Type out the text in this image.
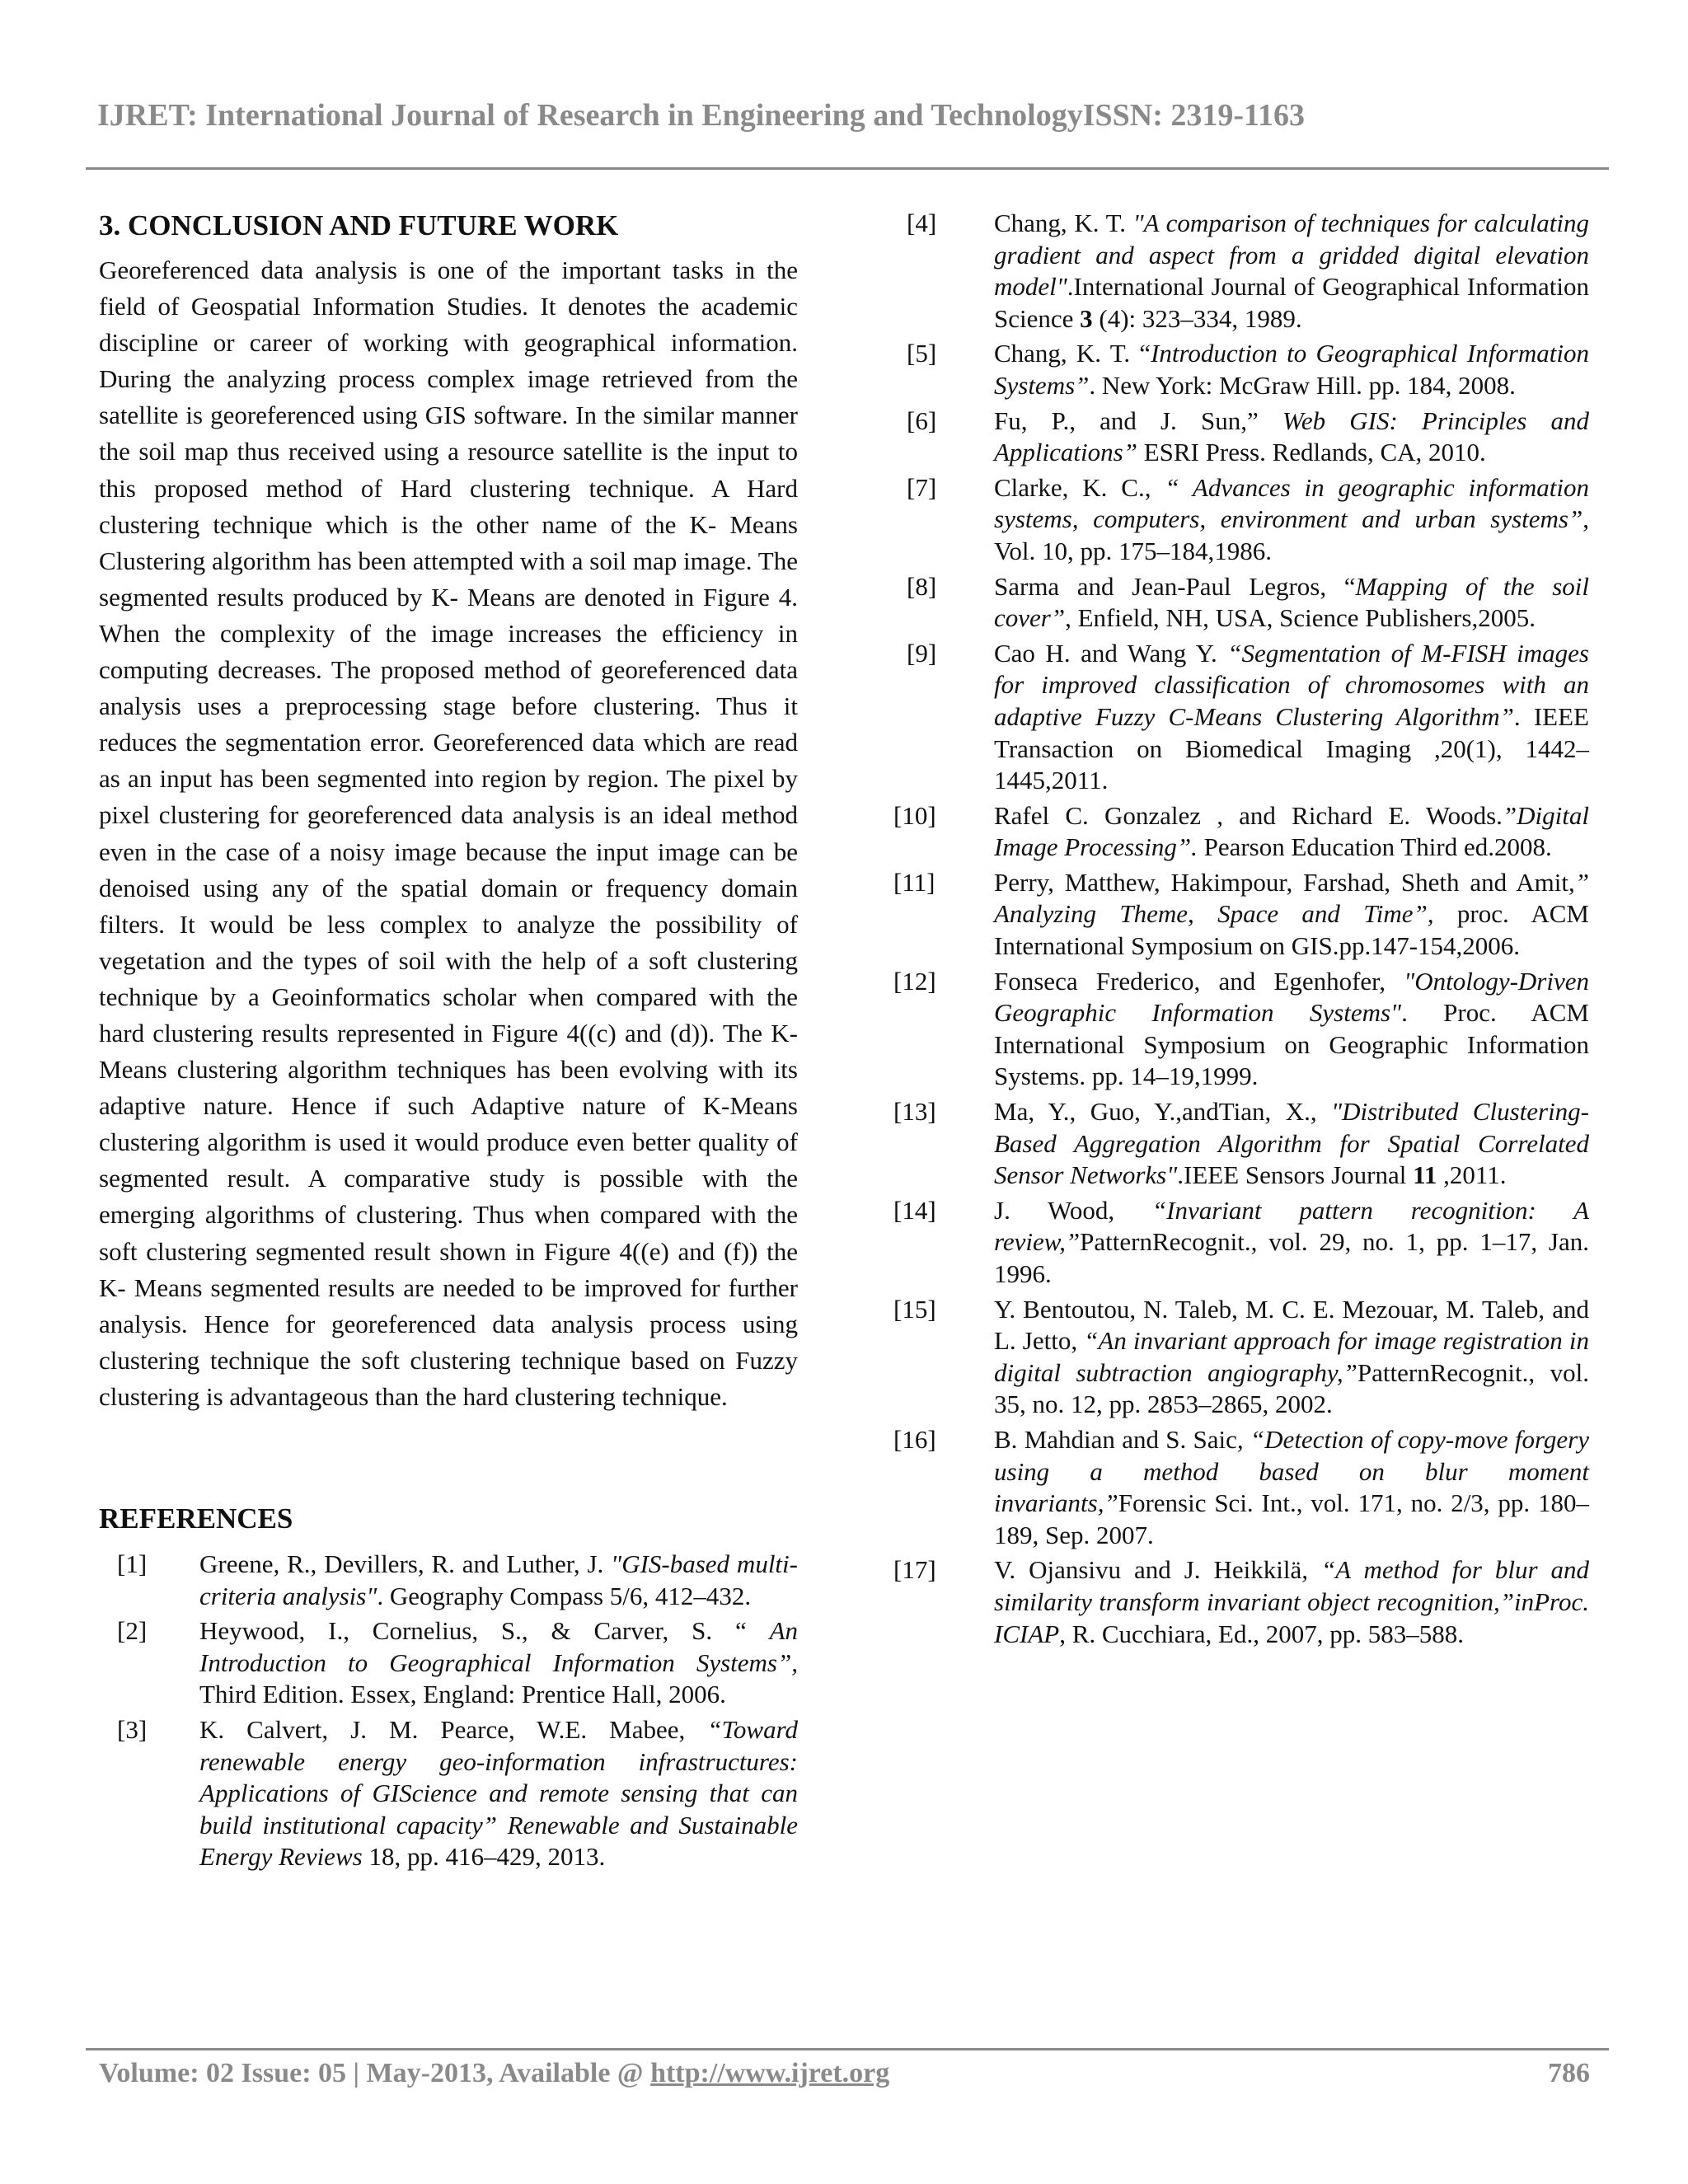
IJRET: International Journal of Research in Engineering and TechnologyISSN: 2319-1163
3. CONCLUSION AND FUTURE WORK

Georeferenced data analysis is one of the important tasks in the field of Geospatial Information Studies. It denotes the academic discipline or career of working with geographical information. During the analyzing process complex image retrieved from the satellite is georeferenced using GIS software. In the similar manner the soil map thus received using a resource satellite is the input to this proposed method of Hard clustering technique. A Hard clustering technique which is the other name of the K- Means Clustering algorithm has been attempted with a soil map image. The segmented results produced by K- Means are denoted in Figure 4. When the complexity of the image increases the efficiency in computing decreases. The proposed method of georeferenced data analysis uses a preprocessing stage before clustering. Thus it reduces the segmentation error. Georeferenced data which are read as an input has been segmented into region by region. The pixel by pixel clustering for georeferenced data analysis is an ideal method even in the case of a noisy image because the input image can be denoised using any of the spatial domain or frequency domain filters. It would be less complex to analyze the possibility of vegetation and the types of soil with the help of a soft clustering technique by a Geoinformatics scholar when compared with the hard clustering results represented in Figure 4((c) and (d)). The K-Means clustering algorithm techniques has been evolving with its adaptive nature. Hence if such Adaptive nature of K-Means clustering algorithm is used it would produce even better quality of segmented result. A comparative study is possible with the emerging algorithms of clustering. Thus when compared with the soft clustering segmented result shown in Figure 4((e) and (f)) the K- Means segmented results are needed to be improved for further analysis. Hence for georeferenced data analysis process using clustering technique the soft clustering technique based on Fuzzy clustering is advantageous than the hard clustering technique.

REFERENCES
[1] Greene, R., Devillers, R. and Luther, J. "GIS-based multi-criteria analysis". Geography Compass 5/6, 412–432.
[2] Heywood, I., Cornelius, S., & Carver, S. “ An Introduction to Geographical Information Systems”, Third Edition. Essex, England: Prentice Hall, 2006.
[3] K. Calvert, J. M. Pearce, W.E. Mabee, “Toward renewable energy geo-information infrastructures: Applications of GIScience and remote sensing that can build institutional capacity” Renewable and Sustainable Energy Reviews 18, pp. 416–429, 2013.
[4] Chang, K. T. "A comparison of techniques for calculating gradient and aspect from a gridded digital elevation model".International Journal of Geographical Information Science 3 (4): 323–334, 1989.
[5] Chang, K. T. “Introduction to Geographical Information Systems”. New York: McGraw Hill. pp. 184, 2008.
[6] Fu, P., and J. Sun,” Web GIS: Principles and Applications” ESRI Press. Redlands, CA, 2010.
[7] Clarke, K. C., “ Advances in geographic information systems, computers, environment and urban systems”, Vol. 10, pp. 175–184,1986.
[8] Sarma and Jean-Paul Legros, “Mapping of the soil cover”, Enfield, NH, USA, Science Publishers,2005.
[9] Cao H. and Wang Y. “Segmentation of M-FISH images for improved classification of chromosomes with an adaptive Fuzzy C-Means Clustering Algorithm”. IEEE Transaction on Biomedical Imaging ,20(1), 1442–1445,2011.
[10] Rafel C. Gonzalez , and Richard E. Woods.”Digital Image Processing”. Pearson Education Third ed.2008.
[11] Perry, Matthew, Hakimpour, Farshad, Sheth and Amit,” Analyzing Theme, Space and Time”, proc. ACM International Symposium on GIS.pp.147-154,2006.
[12] Fonseca Frederico, and Egenhofer, "Ontology-Driven Geographic Information Systems". Proc. ACM International Symposium on Geographic Information Systems. pp. 14–19,1999.
[13] Ma, Y., Guo, Y.,andTian, X., "Distributed Clustering-Based Aggregation Algorithm for Spatial Correlated Sensor Networks".IEEE Sensors Journal 11 ,2011.
[14] J. Wood, “Invariant pattern recognition: A review,”PatternRecognit., vol. 29, no. 1, pp. 1–17, Jan. 1996.
[15] Y. Bentoutou, N. Taleb, M. C. E. Mezouar, M. Taleb, and L. Jetto, “An invariant approach for image registration in digital subtraction angiography,”PatternRecognit., vol. 35, no. 12, pp. 2853–2865, 2002.
[16] B. Mahdian and S. Saic, “Detection of copy-move forgery using a method based on blur moment invariants,”Forensic Sci. Int., vol. 171, no. 2/3, pp. 180–189, Sep. 2007.
[17] V. Ojansivu and J. Heikkilä, “A method for blur and similarity transform invariant object recognition,”inProc. ICIAP, R. Cucchiara, Ed., 2007, pp. 583–588.
Volume: 02 Issue: 05 | May-2013, Available @ http://www.ijret.org	786
